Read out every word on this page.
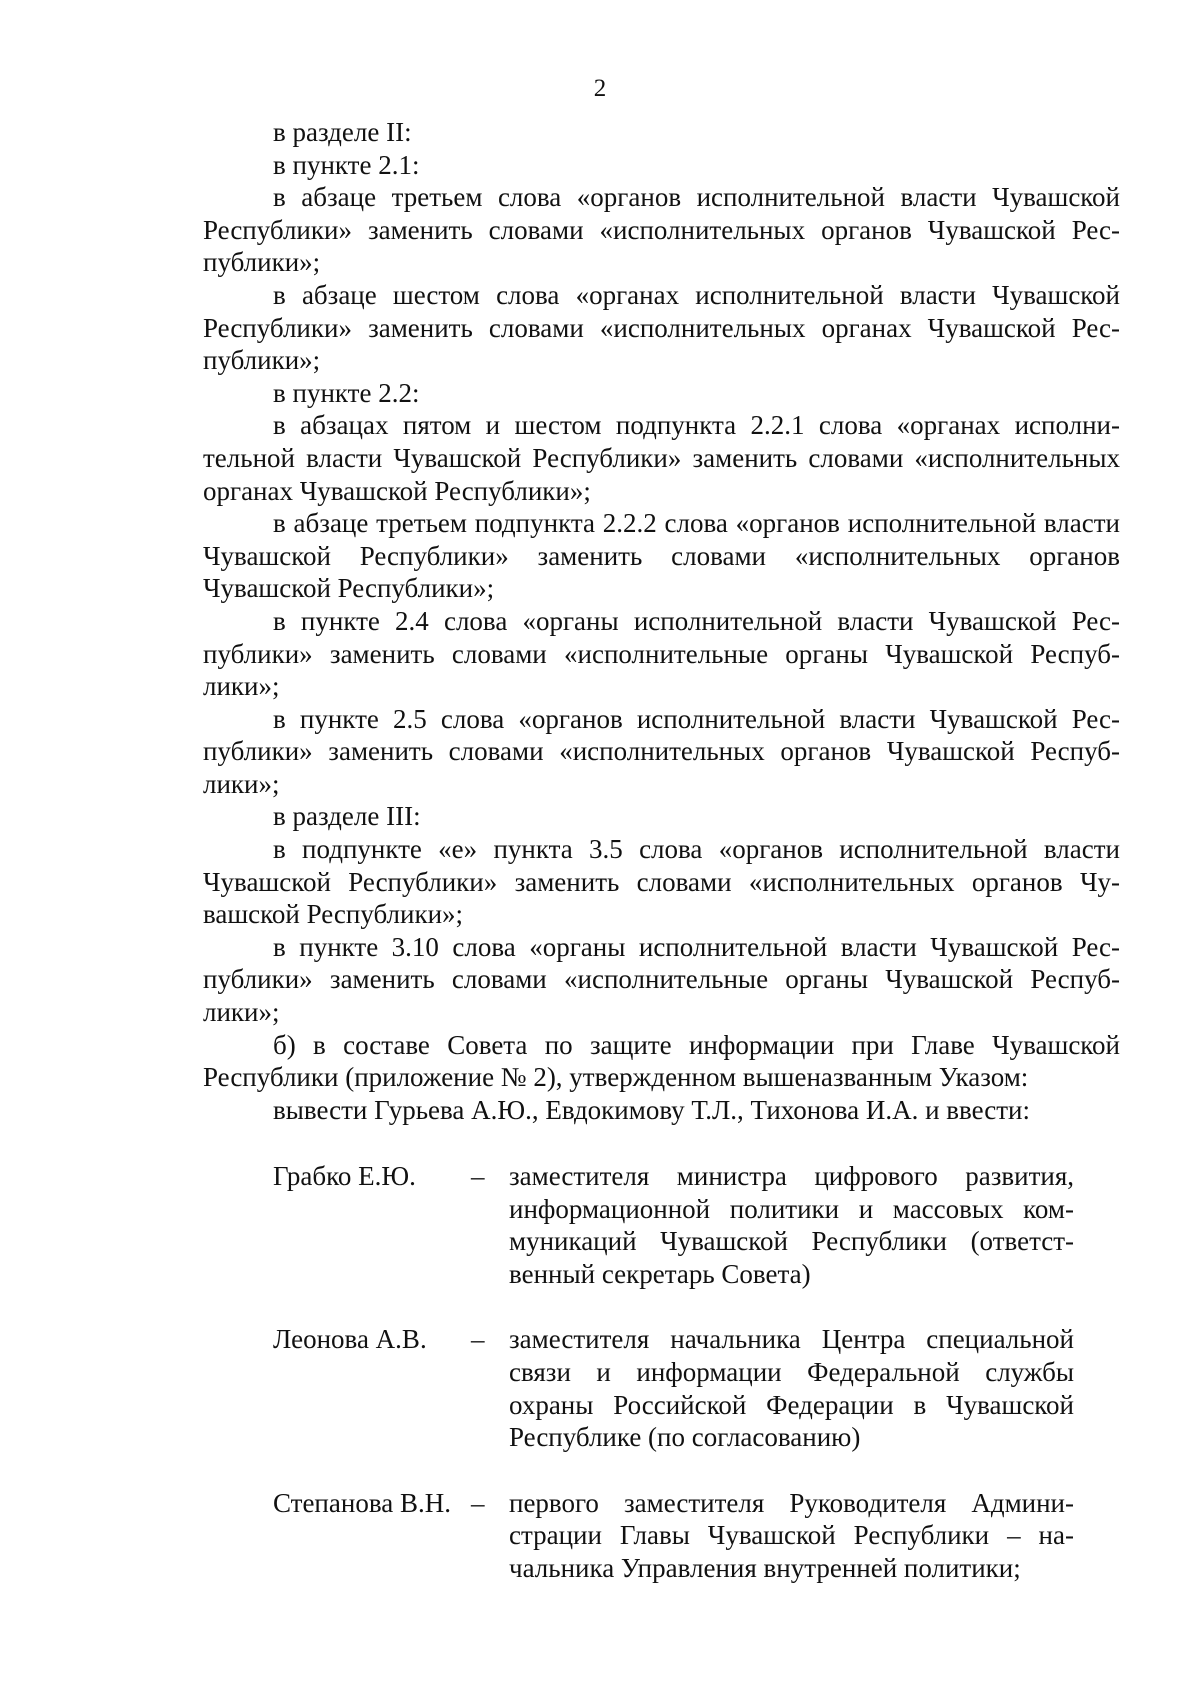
2

в разделе II:

в пункте 2.1:

в абзаце третьем слова «органов исполнительной власти Чувашской Республики» заменить словами «исполнительных органов Чувашской Республики»;

в абзаце шестом слова «органах исполнительной власти Чувашской Республики» заменить словами «исполнительных органах Чувашской Республики»;

в пункте 2.2:

в абзацах пятом и шестом подпункта 2.2.1 слова «органах исполнительной власти Чувашской Республики» заменить словами «исполнительных органах Чувашской Республики»;

в абзаце третьем подпункта 2.2.2 слова «органов исполнительной власти Чувашской Республики» заменить словами «исполнительных органов Чувашской Республики»;

в пункте 2.4 слова «органы исполнительной власти Чувашской Республики» заменить словами «исполнительные органы Чувашской Республики»;

в пункте 2.5 слова «органов исполнительной власти Чувашской Республики» заменить словами «исполнительных органов Чувашской Республики»;

в разделе III:

в подпункте «е» пункта 3.5 слова «органов исполнительной власти Чувашской Республики» заменить словами «исполнительных органов Чувашской Республики»;

в пункте 3.10 слова «органы исполнительной власти Чувашской Республики» заменить словами «исполнительные органы Чувашской Республики»;

б) в составе Совета по защите информации при Главе Чувашской Республики (приложение № 2), утвержденном вышеназванным Указом:

вывести Гурьева А.Ю., Евдокимову Т.Л., Тихонова И.А. и ввести:

Грабко Е.Ю.	– заместителя министра цифрового развития, информационной политики и массовых коммуникаций Чувашской Республики (ответственный секретарь Совета)
Леонова А.В.	– заместителя начальника Центра специальной связи и информации Федеральной службы охраны Российской Федерации в Чувашской Республике (по согласованию)
Степанова В.Н. – первого заместителя Руководителя Администрации Главы Чувашской Республики – начальника Управления внутренней политики;
